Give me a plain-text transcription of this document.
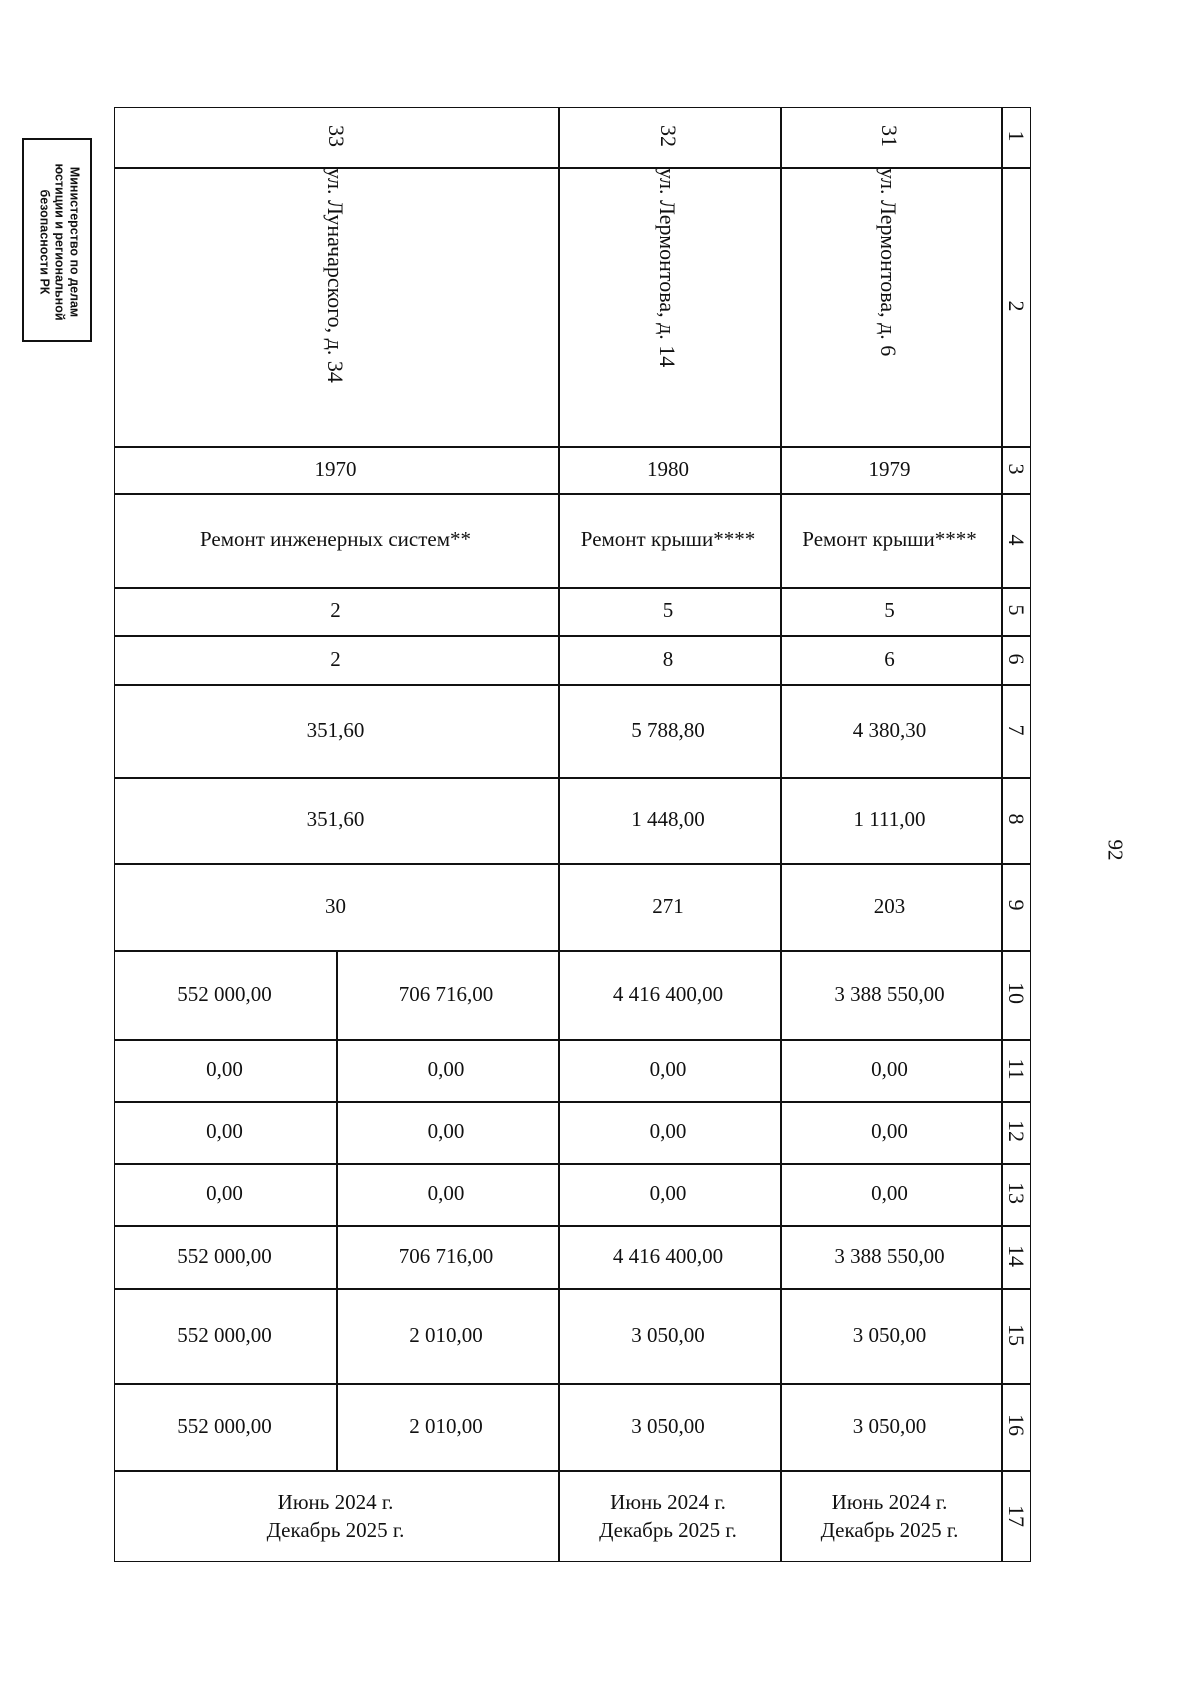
Министерство по делам
юстиции и региональной
безопасности РК
92
1
2
3
4
5
6
7
8
9
10
11
12
13
14
15
16
17
31
32
33
ул. Лермонтова, д. 6
ул. Лермонтова, д. 14
ул. Луначарского, д. 34
1979
1980
1970
Ремонт крыши****
Ремонт крыши****
Ремонт инженерных систем**
5
5
2
6
8
2
4 380,30
5 788,80
351,60
1 111,00
1 448,00
351,60
203
271
30
3 388 550,00
4 416 400,00
706 716,00
552 000,00
0,00
0,00
0,00
0,00
0,00
0,00
0,00
0,00
0,00
0,00
0,00
0,00
3 388 550,00
4 416 400,00
706 716,00
552 000,00
3 050,00
3 050,00
2 010,00
552 000,00
3 050,00
3 050,00
2 010,00
552 000,00
Июнь 2024 г.
Декабрь 2025 г.
Июнь 2024 г.
Декабрь 2025 г.
Июнь 2024 г.
Декабрь 2025 г.
